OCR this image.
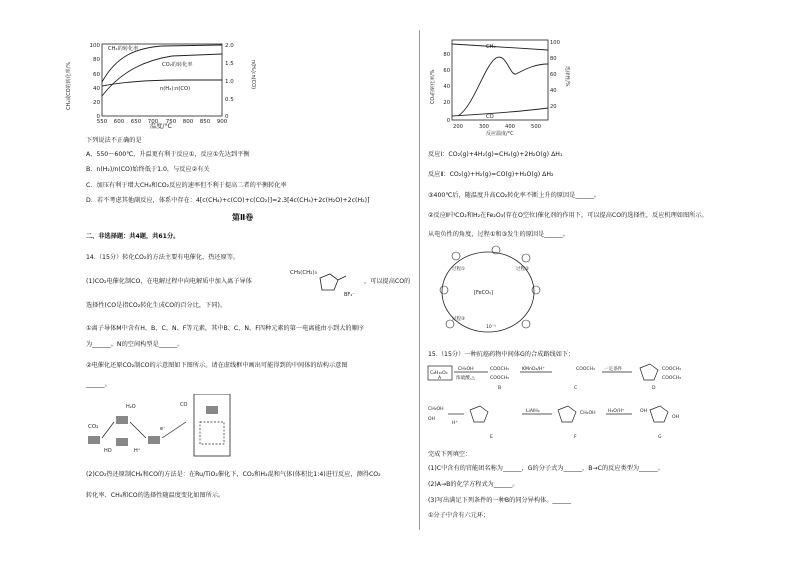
100
80
60
40
20
0
2.0
1.5
1.0
0.5
0
550 600 650 700 750 800 850 900
CH₄的转化率
CO₂的转化率
n(H₂):n(CO)
CH₄或CO的转化率/%	n(H₂):n(CO)
温度/°C
下列说法不正确的是
A、550～600℃，升温更有利于反应①，反应①先达到平衡
B．n(H₂)/n(CO)始终低于1.0，与反应②有关
C．加压有利于增大CH₄和CO₂反应的速率但不利于提高二者的平衡转化率
D．若不考虑其他副反应，体系中存在：4[c(CH₄)+c(CO)+c(CO₂)]=2.3[4c(CH₄)+2c(H₂O)+2c(H₂)]
第Ⅱ卷
二、非选择题：共4题，共61分。
14.（15分）转化CO₂的方法主要有电催化、热还原等。
(1)CO₂电催化制CO，在电解过程中向电解质中加入离子导体
CH₃(CH₂)₃
BF₄⁻
，可以提高CO的
选择性(CO是指CO₂转化生成CO的百分比，下同)。
①离子导体M中含有H、B、C、N、F等元素，其中B、C、N、F四种元素的第一电离能由小到大的顺序
为______。N的空间构型是______。
②电催化还原CO₂制CO的示意图如下图所示。请在虚线框中画出可能得到的中间体的结构示意图
______。
CO₂
H₂O
HO	H⁺
CO
e⁻
(2)CO₂热还原制CH₄和CO的方法是：在Ru/TiO₂催化下，CO₂和H₂混和气体(体积比1:4)进行反应，测得CO₂
转化率、CH₄和CO的选择性随温度变化如图所示。
80
60
40
20
0
100
80
60
40
20
200	300	400	500
CH₄
CO
CO₂的转化率/%	选择性/%
反应温度/°C
反应Ⅰ：CO₂(g)+4H₂(g)=CH₄(g)+2H₂O(g) ΔH₁
反应Ⅱ：CO₂(g)+H₂(g)=CO(g)+H₂O(g) ΔH₂
③400℃后，随温度升高CO₂转化率不断上升的原因是______。
②反应Ⅱ中CO₂和H₂在Fe₂O₃(存在O空位)催化剂的作用下，可以提高CO的选择性，反应机理如图所示。
从电负性的角度，过程①和③发生的原因是______。
[FeCO₃]
过程①	过程②
过程③
10⁻¹
15.（15分）一种抗癌药物中间体G的合成路线如下：
C₆H₁₀O₄
A
CH₃OH
浓硫酸,△
COOCH₃
COOCH₃
B
KMnO₄/H⁺	COOCH₃
C
一定条件	COOCH₃
COOCH₃
D
CH₂OH
OH
H⁺
E
LiAlH₄	CH₂OH
F
H₂O/H⁺	OH
OH
G
完成下列填空：
(1)C中含有的官能团名称为______，G的分子式为______，B→C的反应类型为______。
(2)A→B的化学方程式为______。
(3)写出满足下列条件的一种B的同分异构体。______
①分子中含有六元环；
